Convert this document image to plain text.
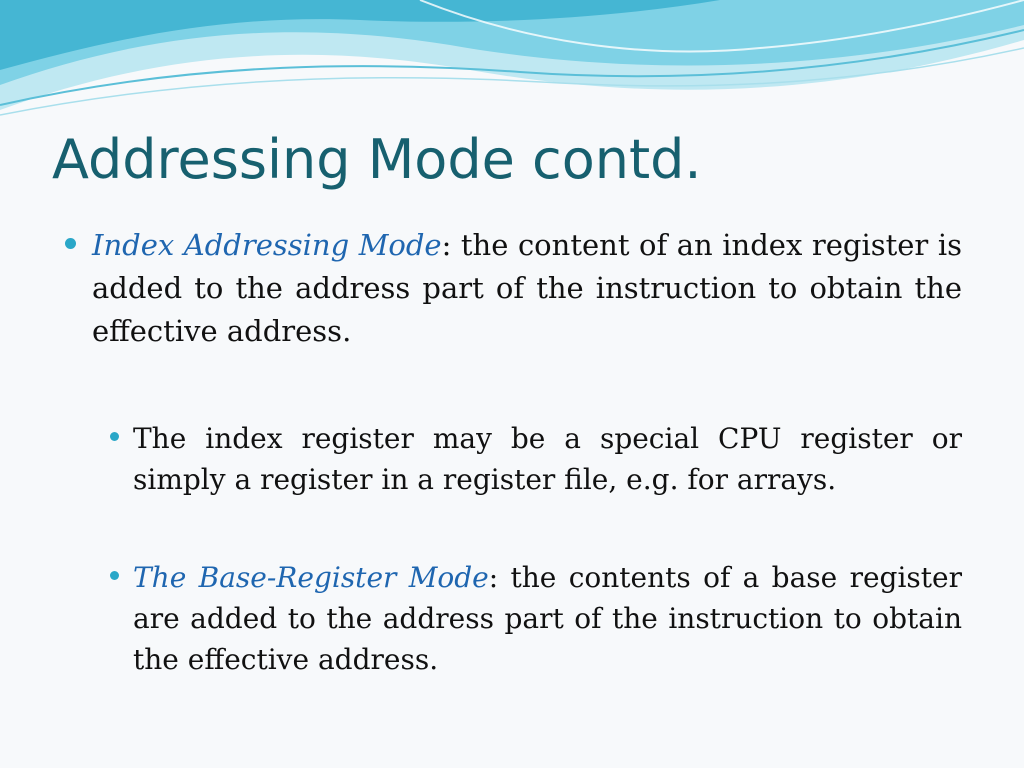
Addressing Mode contd.
Index Addressing Mode: the content of an index register is added to the address part of the instruction to obtain the effective address.
The index register may be a special CPU register or simply a register in a register file, e.g. for arrays.
The Base-Register Mode: the contents of a base register are added to the address part of the instruction to obtain the effective address.
